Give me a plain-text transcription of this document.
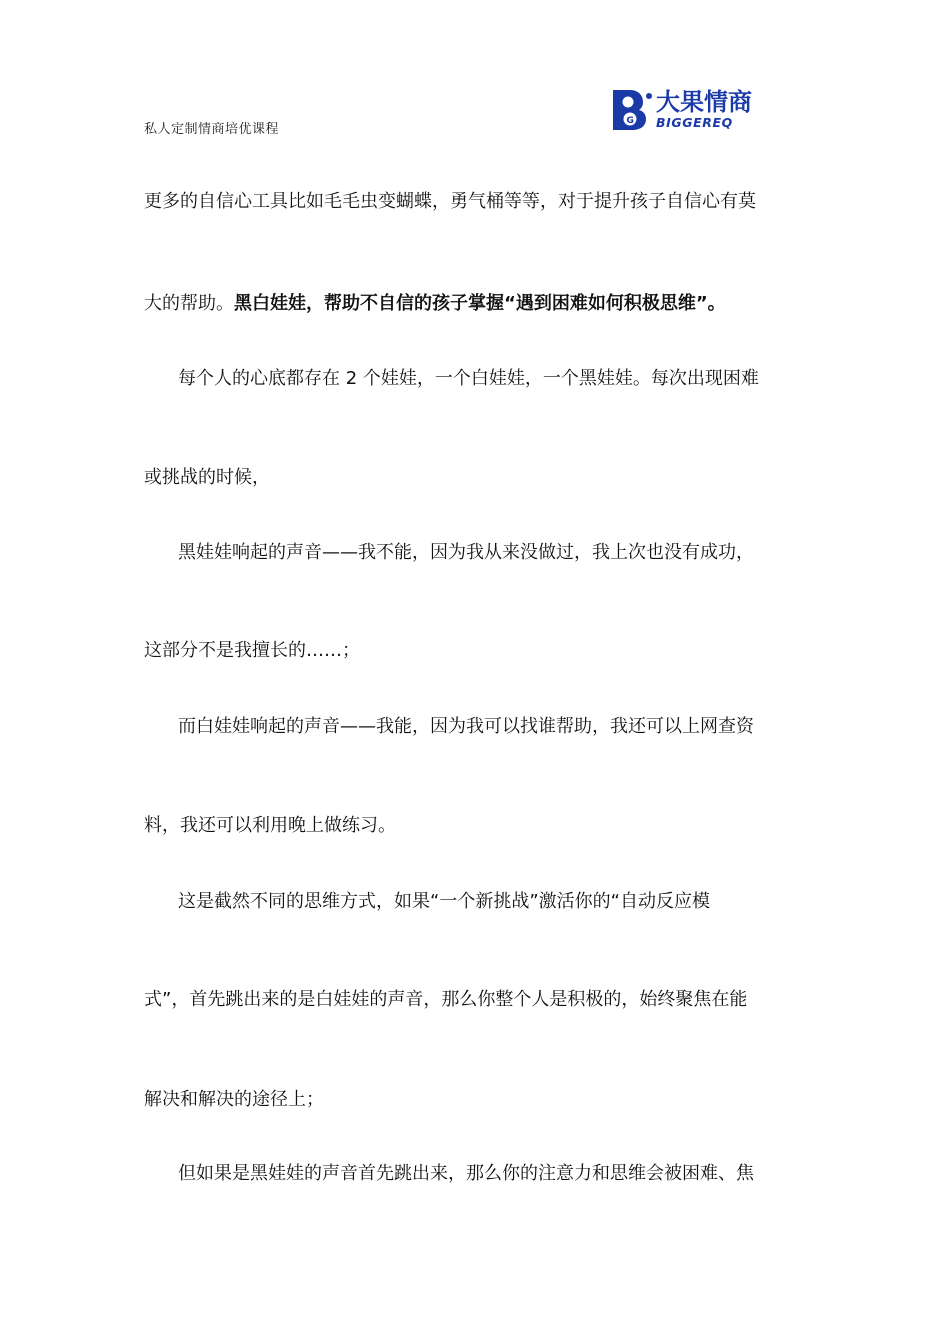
私人定制情商培优课程
G
大果情商
BIGGEREQ
更多的自信心工具比如毛毛虫变蝴蝶，勇气桶等等，对于提升孩子自信心有莫
大的帮助。黑白娃娃，帮助不自信的孩子掌握“遇到困难如何积极思维”。
每个人的心底都存在 2 个娃娃，一个白娃娃，一个黑娃娃。每次出现困难
或挑战的时候，
黑娃娃响起的声音——我不能，因为我从来没做过，我上次也没有成功，
这部分不是我擅长的……；
而白娃娃响起的声音——我能，因为我可以找谁帮助，我还可以上网查资
料，我还可以利用晚上做练习。
这是截然不同的思维方式，如果“一个新挑战”激活你的“自动反应模
式”，首先跳出来的是白娃娃的声音，那么你整个人是积极的，始终聚焦在能
解决和解决的途径上；
但如果是黑娃娃的声音首先跳出来，那么你的注意力和思维会被困难、焦
